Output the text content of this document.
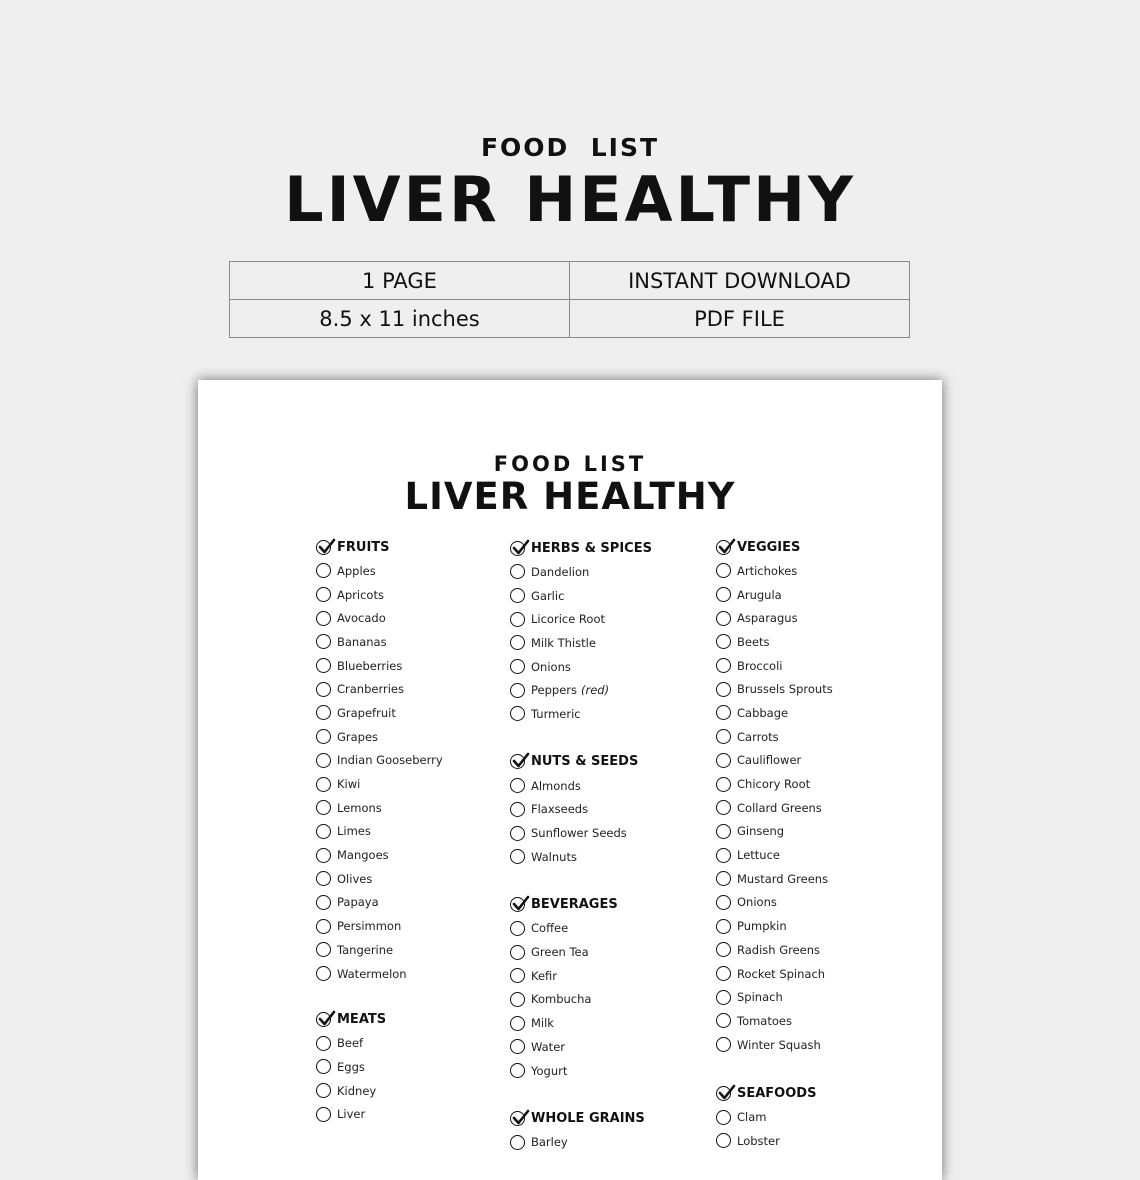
FOOD  LIST
LIVER HEALTHY
1 PAGE	INSTANT DOWNLOAD
8.5 x 11 inches	PDF FILE
FOOD LIST
LIVER HEALTHY
FRUITS
Apples
Apricots
Avocado
Bananas
Blueberries
Cranberries
Grapefruit
Grapes
Indian Gooseberry
Kiwi
Lemons
Limes
Mangoes
Olives
Papaya
Persimmon
Tangerine
Watermelon
MEATS
Beef
Eggs
Kidney
Liver
HERBS & SPICES
Dandelion
Garlic
Licorice Root
Milk Thistle
Onions
Peppers (red)
Turmeric
NUTS & SEEDS
Almonds
Flaxseeds
Sunflower Seeds
Walnuts
BEVERAGES
Coffee
Green Tea
Kefir
Kombucha
Milk
Water
Yogurt
WHOLE GRAINS
Barley
VEGGIES
Artichokes
Arugula
Asparagus
Beets
Broccoli
Brussels Sprouts
Cabbage
Carrots
Cauliflower
Chicory Root
Collard Greens
Ginseng
Lettuce
Mustard Greens
Onions
Pumpkin
Radish Greens
Rocket Spinach
Spinach
Tomatoes
Winter Squash
SEAFOODS
Clam
Lobster
